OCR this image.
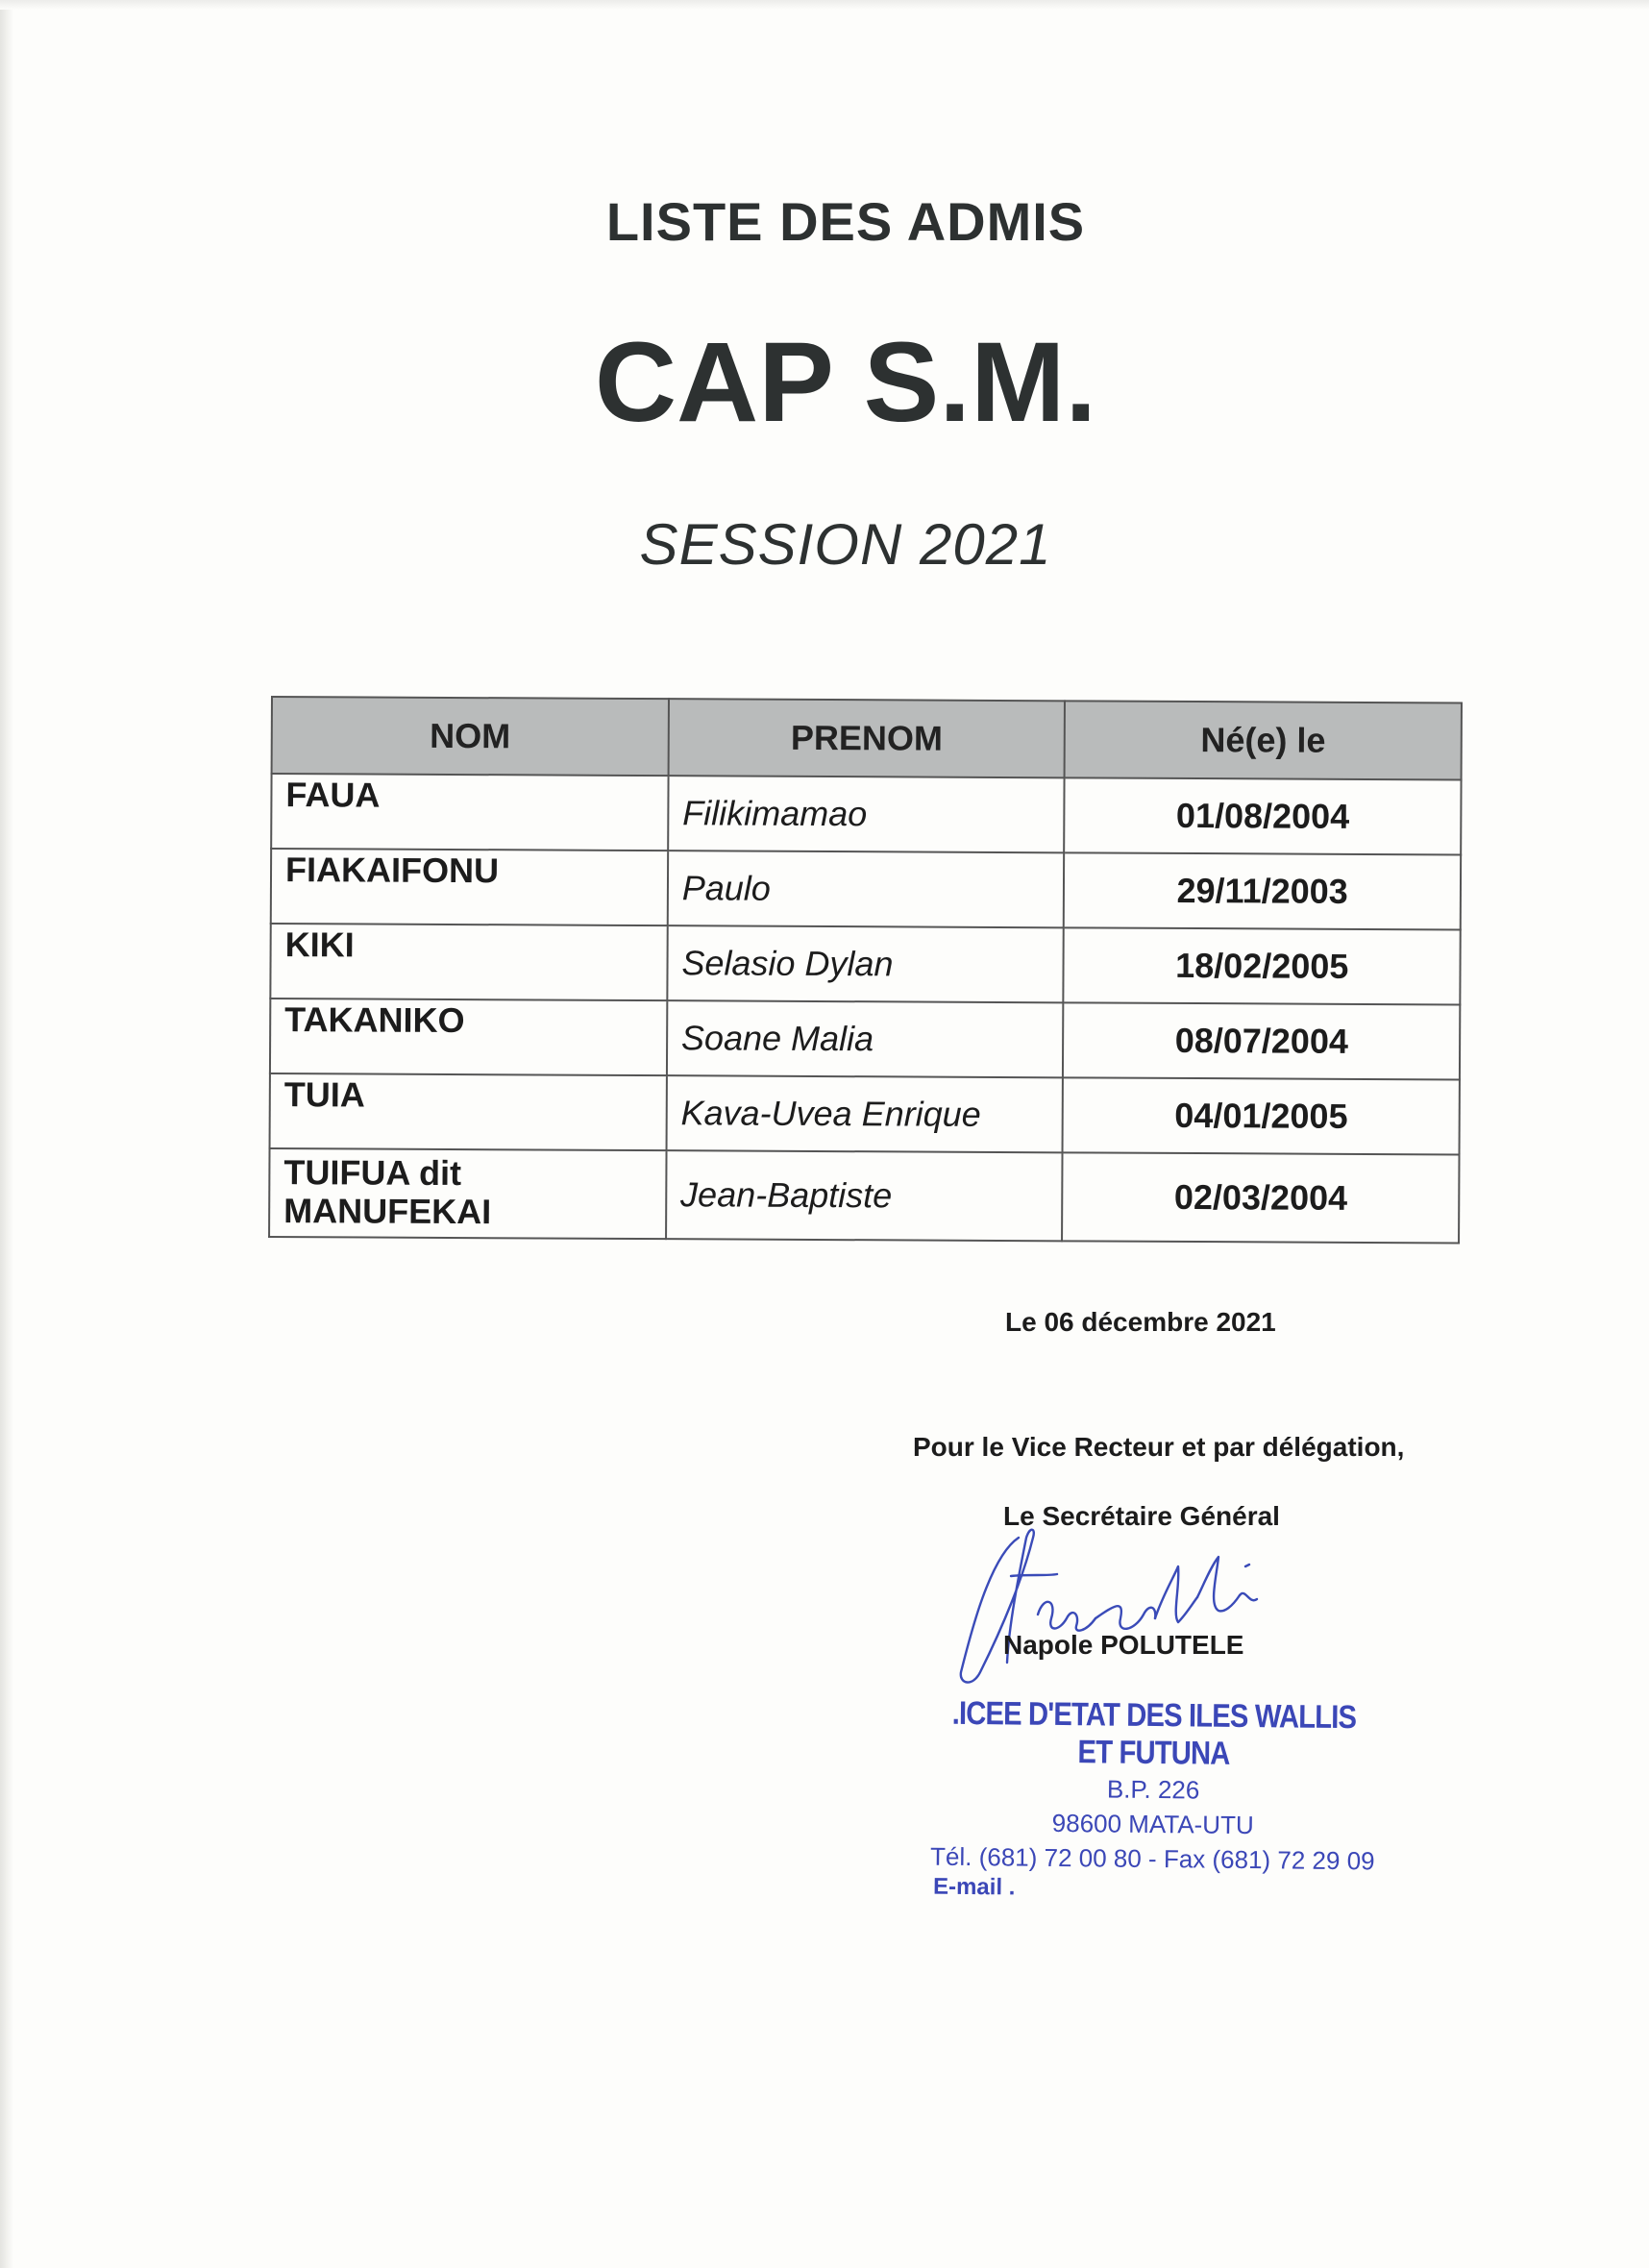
LISTE DES ADMIS
CAP S.M.
SESSION 2021
NOM	PRENOM	Né(e) le
FAUA	Filikimamao	01/08/2004
FIAKAIFONU	Paulo	29/11/2003
KIKI	Selasio Dylan	18/02/2005
TAKANIKO	Soane Malia	08/07/2004
TUIA	Kava-Uvea Enrique	04/01/2005
TUIFUA dit
MANUFEKAI	Jean-Baptiste	02/03/2004
Le 06 décembre 2021
Pour le Vice Recteur et par délégation,
Le Secrétaire Général
Napole POLUTELE
.ICEE D'ETAT DES ILES WALLIS ET FUTUNA
B.P. 226
98600 MATA-UTU
Tél. (681) 72 00 80 - Fax (681) 72 29 09
E-mail .
